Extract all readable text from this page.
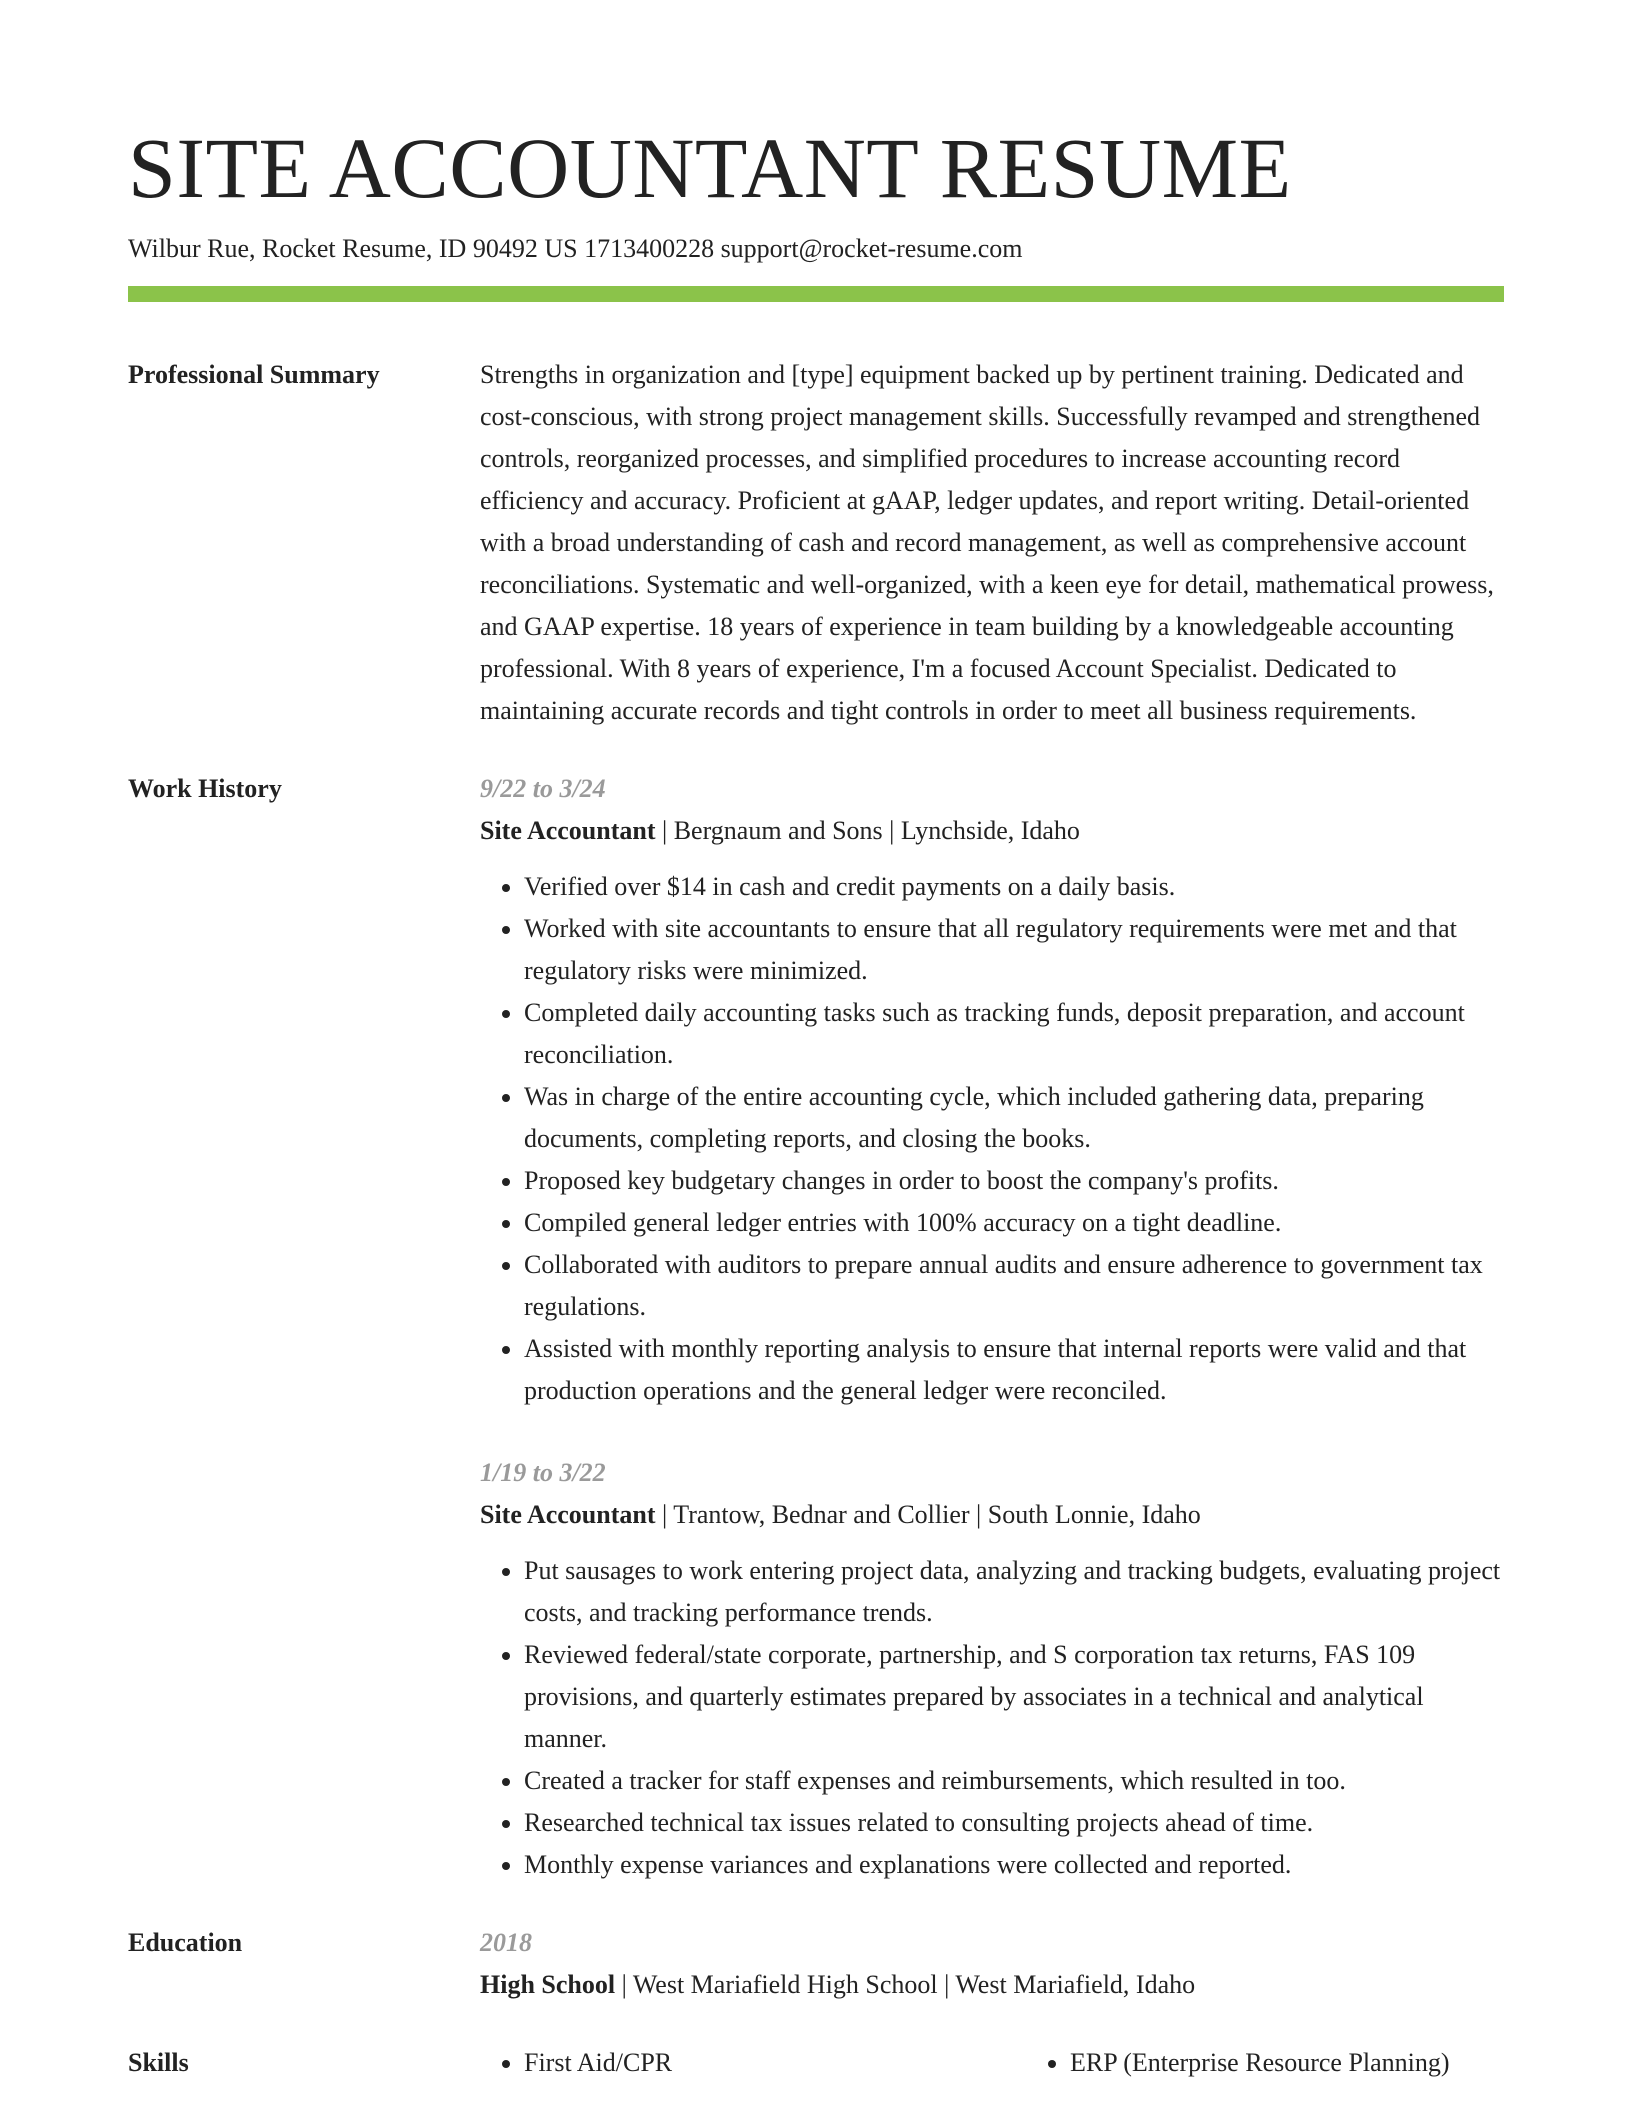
SITE ACCOUNTANT RESUME
Wilbur Rue, Rocket Resume, ID 90492 US 1713400228 support@rocket-resume.com
Professional Summary	Strengths in organization and [type] equipment backed up by pertinent training. Dedicated and cost-conscious, with strong project management skills. Successfully revamped and strengthened controls, reorganized processes, and simplified procedures to increase accounting record efficiency and accuracy. Proficient at gAAP, ledger updates, and report writing. Detail-oriented with a broad understanding of cash and record management, as well as comprehensive account reconciliations. Systematic and well-organized, with a keen eye for detail, mathematical prowess, and GAAP expertise. 18 years of experience in team building by a knowledgeable accounting professional. With 8 years of experience, I'm a focused Account Specialist. Dedicated to maintaining accurate records and tight controls in order to meet all business requirements.
Work History	9/22 to 3/24
Site Accountant | Bergnaum and Sons | Lynchside, Idaho
• Verified over $14 in cash and credit payments on a daily basis.
• Worked with site accountants to ensure that all regulatory requirements were met and that regulatory risks were minimized.
• Completed daily accounting tasks such as tracking funds, deposit preparation, and account reconciliation.
• Was in charge of the entire accounting cycle, which included gathering data, preparing documents, completing reports, and closing the books.
• Proposed key budgetary changes in order to boost the company's profits.
• Compiled general ledger entries with 100% accuracy on a tight deadline.
• Collaborated with auditors to prepare annual audits and ensure adherence to government tax regulations.
• Assisted with monthly reporting analysis to ensure that internal reports were valid and that production operations and the general ledger were reconciled.
1/19 to 3/22
Site Accountant | Trantow, Bednar and Collier | South Lonnie, Idaho
• Put sausages to work entering project data, analyzing and tracking budgets, evaluating project costs, and tracking performance trends.
• Reviewed federal/state corporate, partnership, and S corporation tax returns, FAS 109 provisions, and quarterly estimates prepared by associates in a technical and analytical manner.
• Created a tracker for staff expenses and reimbursements, which resulted in too.
• Researched technical tax issues related to consulting projects ahead of time.
• Monthly expense variances and explanations were collected and reported.
Education	2018
High School | West Mariafield High School | West Mariafield, Idaho
Skills	• First Aid/CPR	• ERP (Enterprise Resource Planning)
